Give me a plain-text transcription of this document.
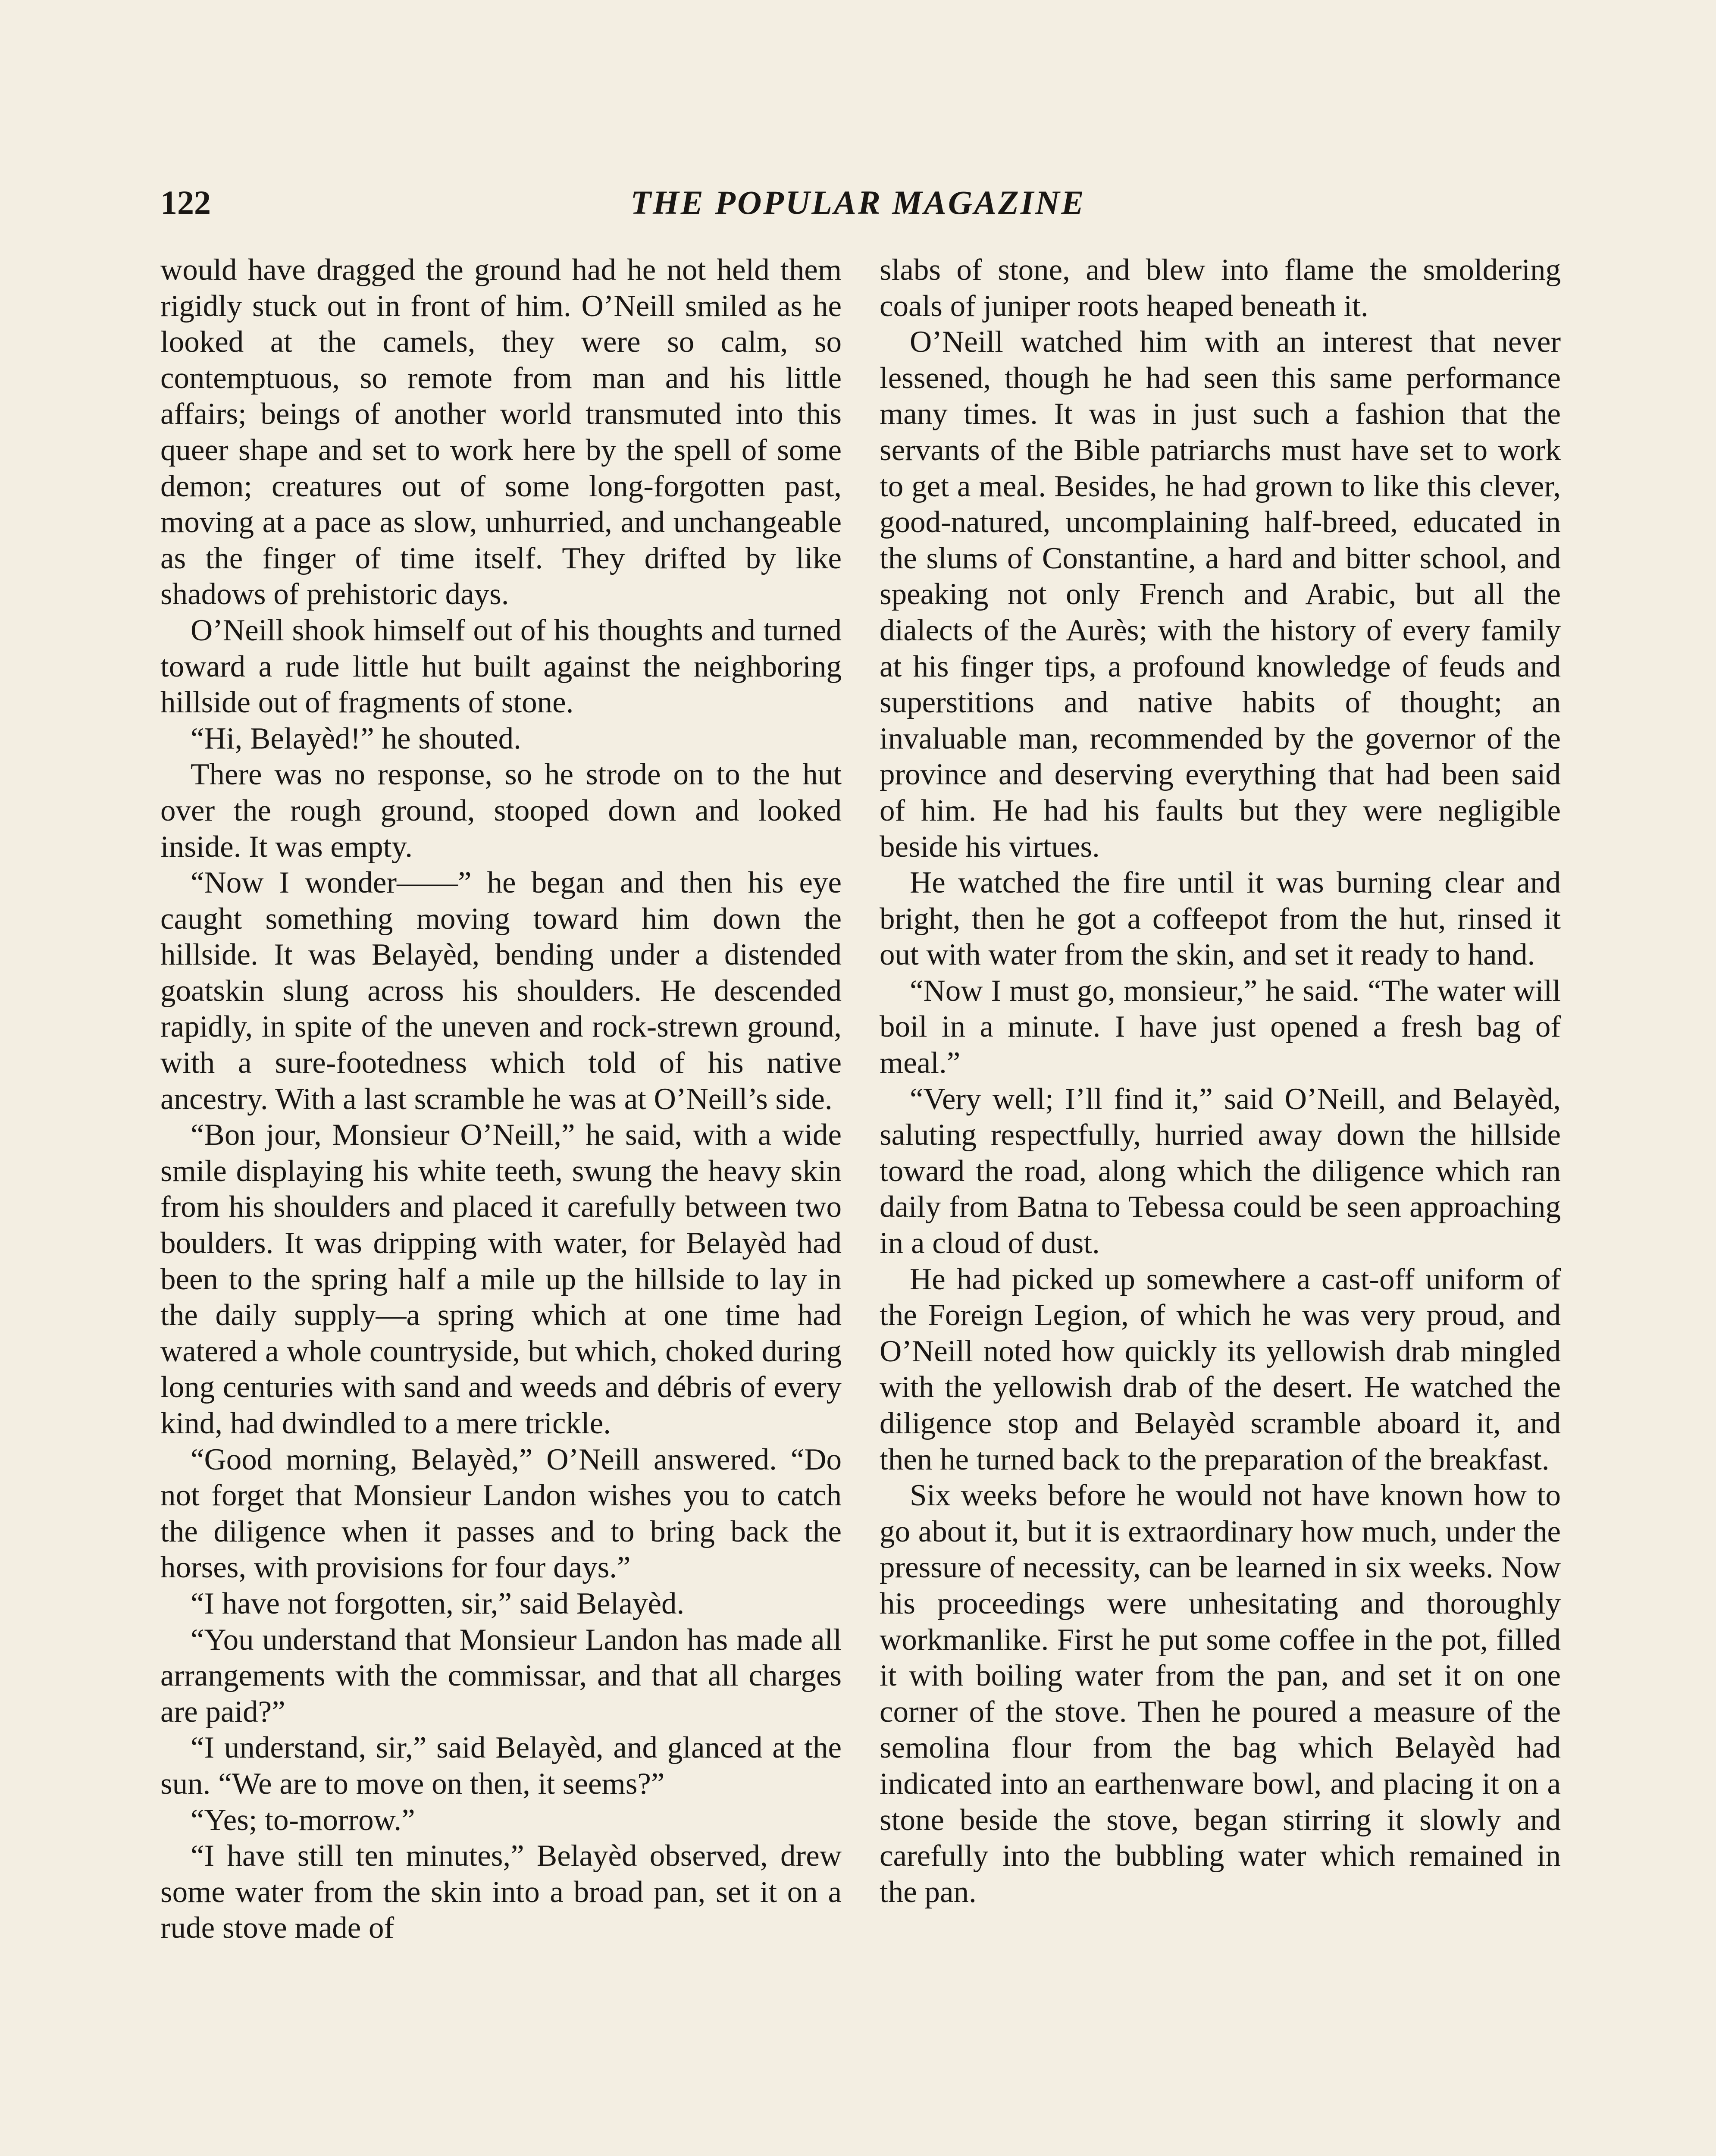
122	THE POPULAR MAGAZINE

would have dragged the ground had he not held them rigidly stuck out in front of him. O’Neill smiled as he looked at the camels, they were so calm, so contemptuous, so remote from man and his little affairs; beings of another world transmuted into this queer shape and set to work here by the spell of some demon; creatures out of some long-forgotten past, moving at a pace as slow, unhurried, and unchangeable as the finger of time itself. They drifted by like shadows of prehistoric days.

O’Neill shook himself out of his thoughts and turned toward a rude little hut built against the neighboring hillside out of fragments of stone.

“Hi, Belayèd!” he shouted.

There was no response, so he strode on to the hut over the rough ground, stooped down and looked inside. It was empty.

“Now I wonder——” he began and then his eye caught something moving toward him down the hillside. It was Belayèd, bending under a distended goatskin slung across his shoulders. He descended rapidly, in spite of the uneven and rock-strewn ground, with a sure-footedness which told of his native ancestry. With a last scramble he was at O’Neill’s side.

“Bon jour, Monsieur O’Neill,” he said, with a wide smile displaying his white teeth, swung the heavy skin from his shoulders and placed it carefully between two boulders. It was dripping with water, for Belayèd had been to the spring half a mile up the hillside to lay in the daily supply—a spring which at one time had watered a whole countryside, but which, choked during long centuries with sand and weeds and débris of every kind, had dwindled to a mere trickle.

“Good morning, Belayèd,” O’Neill answered. “Do not forget that Monsieur Landon wishes you to catch the diligence when it passes and to bring back the horses, with provisions for four days.”

“I have not forgotten, sir,” said Belayèd.

“You understand that Monsieur Landon has made all arrangements with the commissar, and that all charges are paid?”

“I understand, sir,” said Belayèd, and glanced at the sun. “We are to move on then, it seems?”

“Yes; to-morrow.”

“I have still ten minutes,” Belayèd observed, drew some water from the skin into a broad pan, set it on a rude stove made of

slabs of stone, and blew into flame the smoldering coals of juniper roots heaped beneath it.

O’Neill watched him with an interest that never lessened, though he had seen this same performance many times. It was in just such a fashion that the servants of the Bible patriarchs must have set to work to get a meal. Besides, he had grown to like this clever, good-natured, uncomplaining half-breed, educated in the slums of Constantine, a hard and bitter school, and speaking not only French and Arabic, but all the dialects of the Aurès; with the history of every family at his finger tips, a profound knowledge of feuds and superstitions and native habits of thought; an invaluable man, recommended by the governor of the province and deserving everything that had been said of him. He had his faults but they were negligible beside his virtues.

He watched the fire until it was burning clear and bright, then he got a coffeepot from the hut, rinsed it out with water from the skin, and set it ready to hand.

“Now I must go, monsieur,” he said. “The water will boil in a minute. I have just opened a fresh bag of meal.”

“Very well; I’ll find it,” said O’Neill, and Belayèd, saluting respectfully, hurried away down the hillside toward the road, along which the diligence which ran daily from Batna to Tebessa could be seen approaching in a cloud of dust.

He had picked up somewhere a cast-off uniform of the Foreign Legion, of which he was very proud, and O’Neill noted how quickly its yellowish drab mingled with the yellowish drab of the desert. He watched the diligence stop and Belayèd scramble aboard it, and then he turned back to the preparation of the breakfast.

Six weeks before he would not have known how to go about it, but it is extraordinary how much, under the pressure of necessity, can be learned in six weeks. Now his proceedings were unhesitating and thoroughly workmanlike. First he put some coffee in the pot, filled it with boiling water from the pan, and set it on one corner of the stove. Then he poured a measure of the semolina flour from the bag which Belayèd had indicated into an earthenware bowl, and placing it on a stone beside the stove, began stirring it slowly and carefully into the bubbling water which remained in the pan.
